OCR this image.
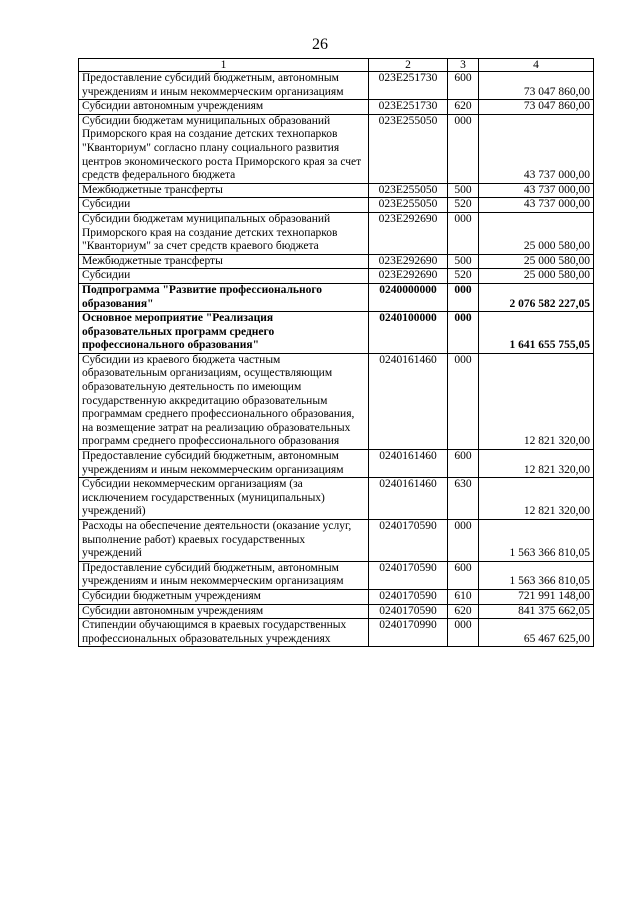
26
1	2	3	4
Предоставление субсидий бюджетным, автономным учреждениям и иным некоммерческим организациям	023E251730	600	73 047 860,00
Субсидии автономным учреждениям	023E251730	620	73 047 860,00
Субсидии бюджетам муниципальных образований Приморского края на создание детских технопарков "Кванториум" согласно плану социального развития центров экономического роста Приморского края за счет средств федерального бюджета	023E255050	000	43 737 000,00
Межбюджетные трансферты	023E255050	500	43 737 000,00
Субсидии	023E255050	520	43 737 000,00
Субсидии бюджетам муниципальных образований Приморского края на создание детских технопарков "Кванториум" за счет средств краевого бюджета	023E292690	000	25 000 580,00
Межбюджетные трансферты	023E292690	500	25 000 580,00
Субсидии	023E292690	520	25 000 580,00
Подпрограмма "Развитие профессионального образования"	0240000000	000	2 076 582 227,05
Основное мероприятие "Реализация образовательных программ среднего профессионального образования"	0240100000	000	1 641 655 755,05
Субсидии из краевого бюджета частным образовательным организациям, осуществляющим образовательную деятельность по имеющим государственную аккредитацию образовательным программам среднего профессионального образования, на возмещение затрат на реализацию образовательных программ среднего профессионального образования	0240161460	000	12 821 320,00
Предоставление субсидий бюджетным, автономным учреждениям и иным некоммерческим организациям	0240161460	600	12 821 320,00
Субсидии некоммерческим организациям (за исключением государственных (муниципальных) учреждений)	0240161460	630	12 821 320,00
Расходы на обеспечение деятельности (оказание услуг, выполнение работ) краевых государственных учреждений	0240170590	000	1 563 366 810,05
Предоставление субсидий бюджетным, автономным учреждениям и иным некоммерческим организациям	0240170590	600	1 563 366 810,05
Субсидии бюджетным учреждениям	0240170590	610	721 991 148,00
Субсидии автономным учреждениям	0240170590	620	841 375 662,05
Стипендии обучающимся в краевых государственных профессиональных образовательных учреждениях	0240170990	000	65 467 625,00
